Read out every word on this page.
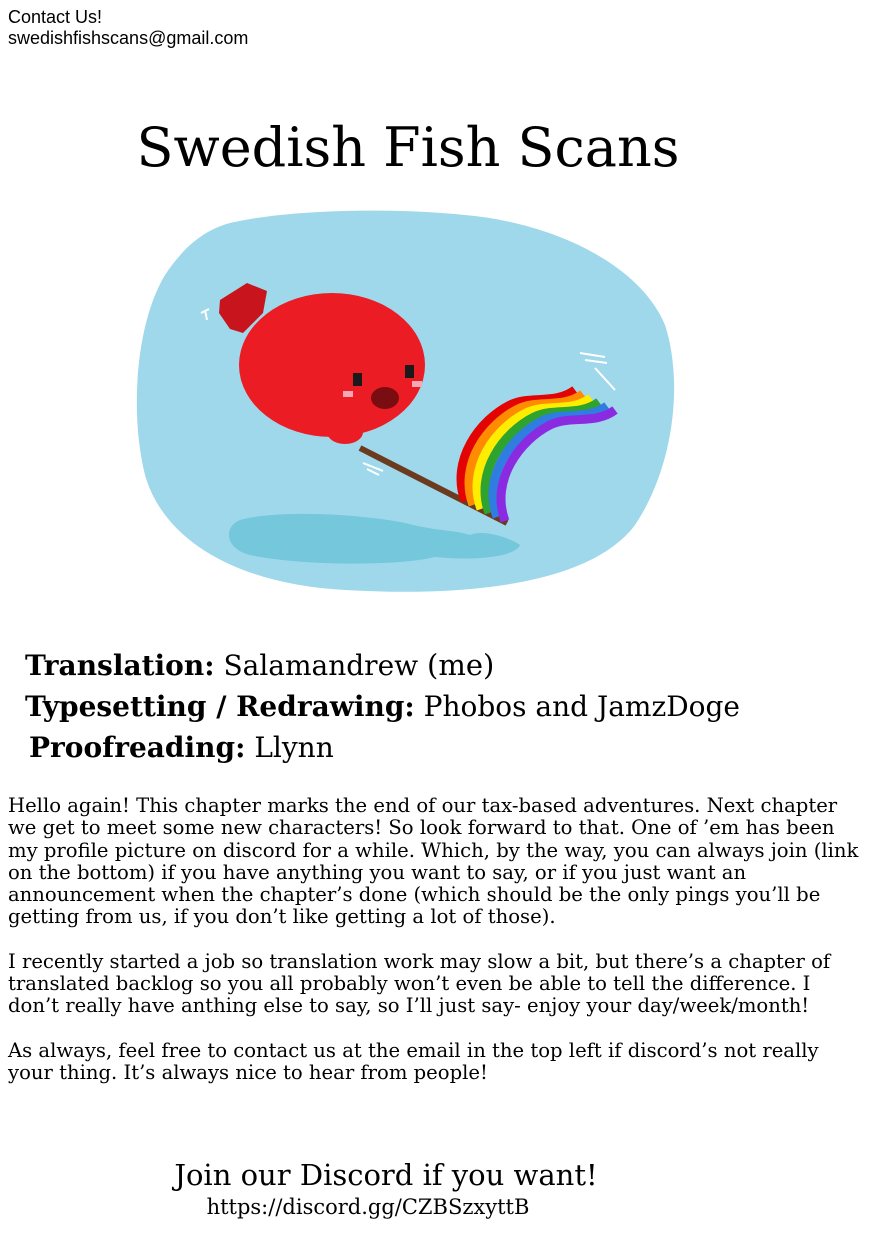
Contact Us!
swedishfishscans@gmail.com
Swedish Fish Scans
Translation: Salamandrew (me)
Typesetting / Redrawing: Phobos and JamzDoge
Proofreading: Llynn

Hello again! This chapter marks the end of our tax-based adventures. Next chapter we get to meet some new characters! So look forward to that. One of ’em has been my profile picture on discord for a while. Which, by the way, you can always join (link on the bottom) if you have anything you want to say, or if you just want an announcement when the chapter’s done (which should be the only pings you’ll be getting from us, if you don’t like getting a lot of those).

I recently started a job so translation work may slow a bit, but there’s a chapter of translated backlog so you all probably won’t even be able to tell the difference. I don’t really have anthing else to say, so I’ll just say- enjoy your day/week/month!

As always, feel free to contact us at the email in the top left if discord’s not really your thing. It’s always nice to hear from people!

Join our Discord if you want!
https://discord.gg/CZBSzxyttB
